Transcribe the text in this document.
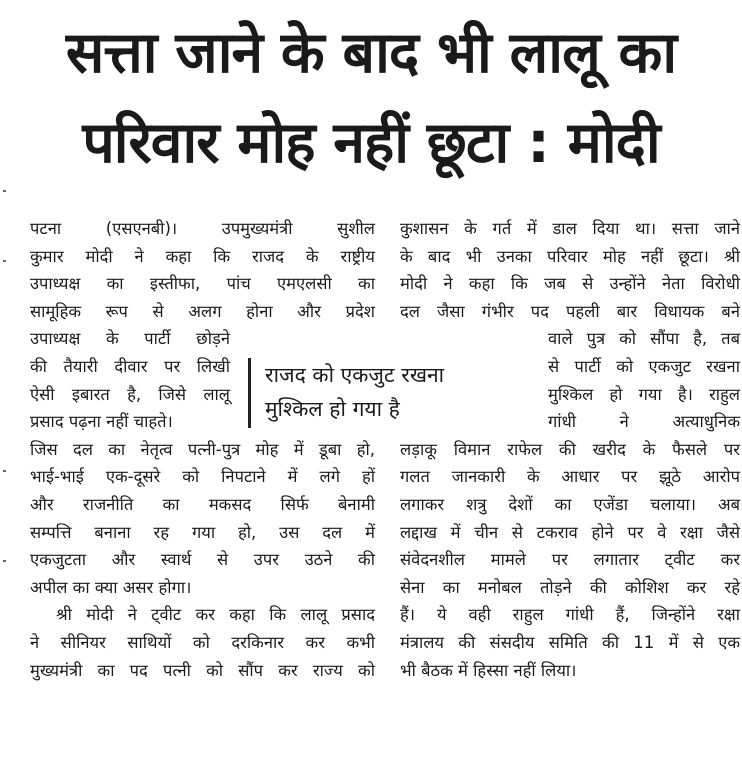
सत्ता जाने के बाद भी लालू का
परिवार मोह नहीं छूटा : मोदी

पटना (एसएनबी)। उपमुख्यमंत्री सुशील
कुमार मोदी ने कहा कि राजद के राष्ट्रीय
उपाध्यक्ष का इस्तीफा, पांच एमएलसी का
सामूहिक रूप से अलग होना और प्रदेश
उपाध्यक्ष के पार्टी छोड़ने
की तैयारी दीवार पर लिखी
ऐसी इबारत है, जिसे लालू
प्रसाद पढ़ना नहीं चाहते।
जिस दल का नेतृत्व पत्नी-पुत्र मोह में डूबा हो,
भाई-भाई एक-दूसरे को निपटाने में लगे हों
और राजनीति का मकसद सिर्फ बेनामी
सम्पत्ति बनाना रह गया हो, उस दल में
एकजुटता और स्वार्थ से उपर उठने की
अपील का क्या असर होगा।

श्री मोदी ने ट्वीट कर कहा कि लालू प्रसाद
ने सीनियर साथियों को दरकिनार कर कभी
मुख्यमंत्री का पद पत्नी को सौंप कर राज्य को

कुशासन के गर्त में डाल दिया था। सत्ता जाने
के बाद भी उनका परिवार मोह नहीं छूटा। श्री
मोदी ने कहा कि जब से उन्होंने नेता विरोधी
दल जैसा गंभीर पद पहली बार विधायक बने
वाले पुत्र को सौंपा है, तब
से पार्टी को एकजुट रखना
मुश्किल हो गया है। राहुल
गांधी ने अत्याधुनिक
लड़ाकू विमान राफेल की खरीद के फैसले पर
गलत जानकारी के आधार पर झूठे आरोप
लगाकर शत्रु देशों का एजेंडा चलाया। अब
लद्दाख में चीन से टकराव होने पर वे रक्षा जैसे
संवेदनशील मामले पर लगातार ट्वीट कर
सेना का मनोबल तोड़ने की कोशिश कर रहे
हैं। ये वही राहुल गांधी हैं, जिन्होंने रक्षा
मंत्रालय की संसदीय समिति की 11 में से एक
भी बैठक में हिस्सा नहीं लिया।
राजद को एकजुट रखना
मुश्किल हो गया है
